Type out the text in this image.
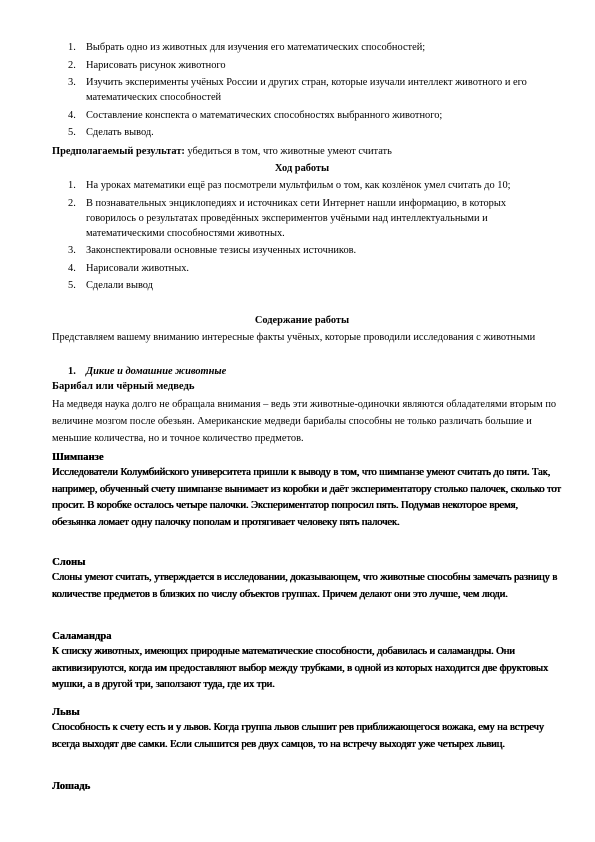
1. Выбрать одно из животных для изучения его математических способностей;
2. Нарисовать рисунок животного
3. Изучить эксперименты учёных России и других стран, которые изучали интеллект животного и его математических способностей
4. Составление конспекта о математических способностях выбранного животного;
5. Сделать вывод.

Предполагаемый результат: убедиться в том, что животные умеют считать

Ход работы

1. На уроках математики ещё раз посмотрели мультфильм о том, как козлёнок умел считать до 10;
2. В познавательных энциклопедиях и источниках сети Интернет нашли информацию, в которых говорилось о результатах проведённых экспериментов учёными над интеллектуальными и математическими способностями животных.
3. Законспектировали основные тезисы изученных источников.
4. Нарисовали животных.
5. Сделали вывод

Содержание работы

Представляем вашему вниманию интересные факты учёных, которые проводили исследования с животными

1. Дикие и домашние животные

Барибал или чёрный медведь

На медведя наука долго не обращала внимания – ведь эти животные-одиночки являются обладателями вторым по величине мозгом после обезьян. Американские медведи барибалы способны не только различать большие и меньшие количества, но и точное количество предметов.

Шимпанзе

Исследователи Колумбийского университета пришли к выводу в том, что шимпанзе умеют считать до пяти. Так, например, обученный счету шимпанзе вынимает из коробки и даёт экспериментатору столько палочек, сколько тот просит. В коробке осталось четыре палочки. Экспериментатор попросил пять. Подумав некоторое время, обезьянка ломает одну палочку пополам и протягивает человеку пять палочек.

Слоны

Слоны умеют считать, утверждается в исследовании, доказывающем, что животные способны замечать разницу в количестве предметов в близких по числу объектов группах. Причем делают они это лучше, чем люди.

Саламандра

К списку животных, имеющих природные математические способности, добавилась и саламандры. Они активизируются, когда им предоставляют выбор между трубками, в одной из которых находится две фруктовых мушки, а в другой три, заползают туда, где их три.

Львы

Способность к счету есть и у львов. Когда группа львов слышит рев приближающегося вожака, ему на встречу всегда выходят две самки. Если слышится рев двух самцов, то на встречу выходят уже четырех львиц.

Лошадь
